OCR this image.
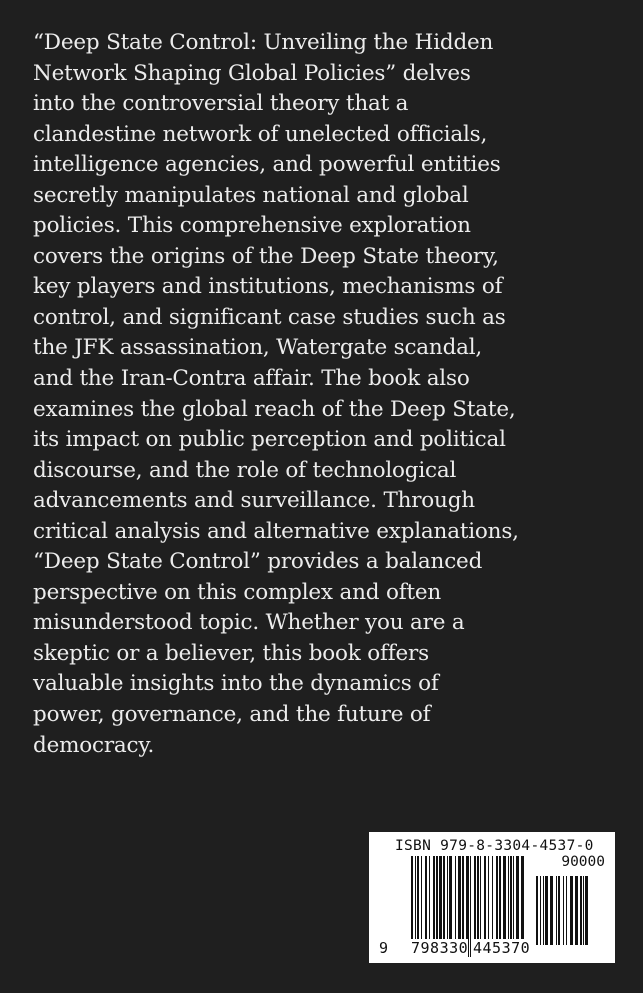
“Deep State Control: Unveiling the Hidden
Network Shaping Global Policies” delves
into the controversial theory that a
clandestine network of unelected officials,
intelligence agencies, and powerful entities
secretly manipulates national and global
policies. This comprehensive exploration
covers the origins of the Deep State theory,
key players and institutions, mechanisms of
control, and significant case studies such as
the JFK assassination, Watergate scandal,
and the Iran-Contra affair. The book also
examines the global reach of the Deep State,
its impact on public perception and political
discourse, and the role of technological
advancements and surveillance. Through
critical analysis and alternative explanations,
“Deep State Control” provides a balanced
perspective on this complex and often
misunderstood topic. Whether you are a
skeptic or a believer, this book offers
valuable insights into the dynamics of
power, governance, and the future of
democracy.
ISBN 979-8-3304-4537-0
90000
9 798330 445370
